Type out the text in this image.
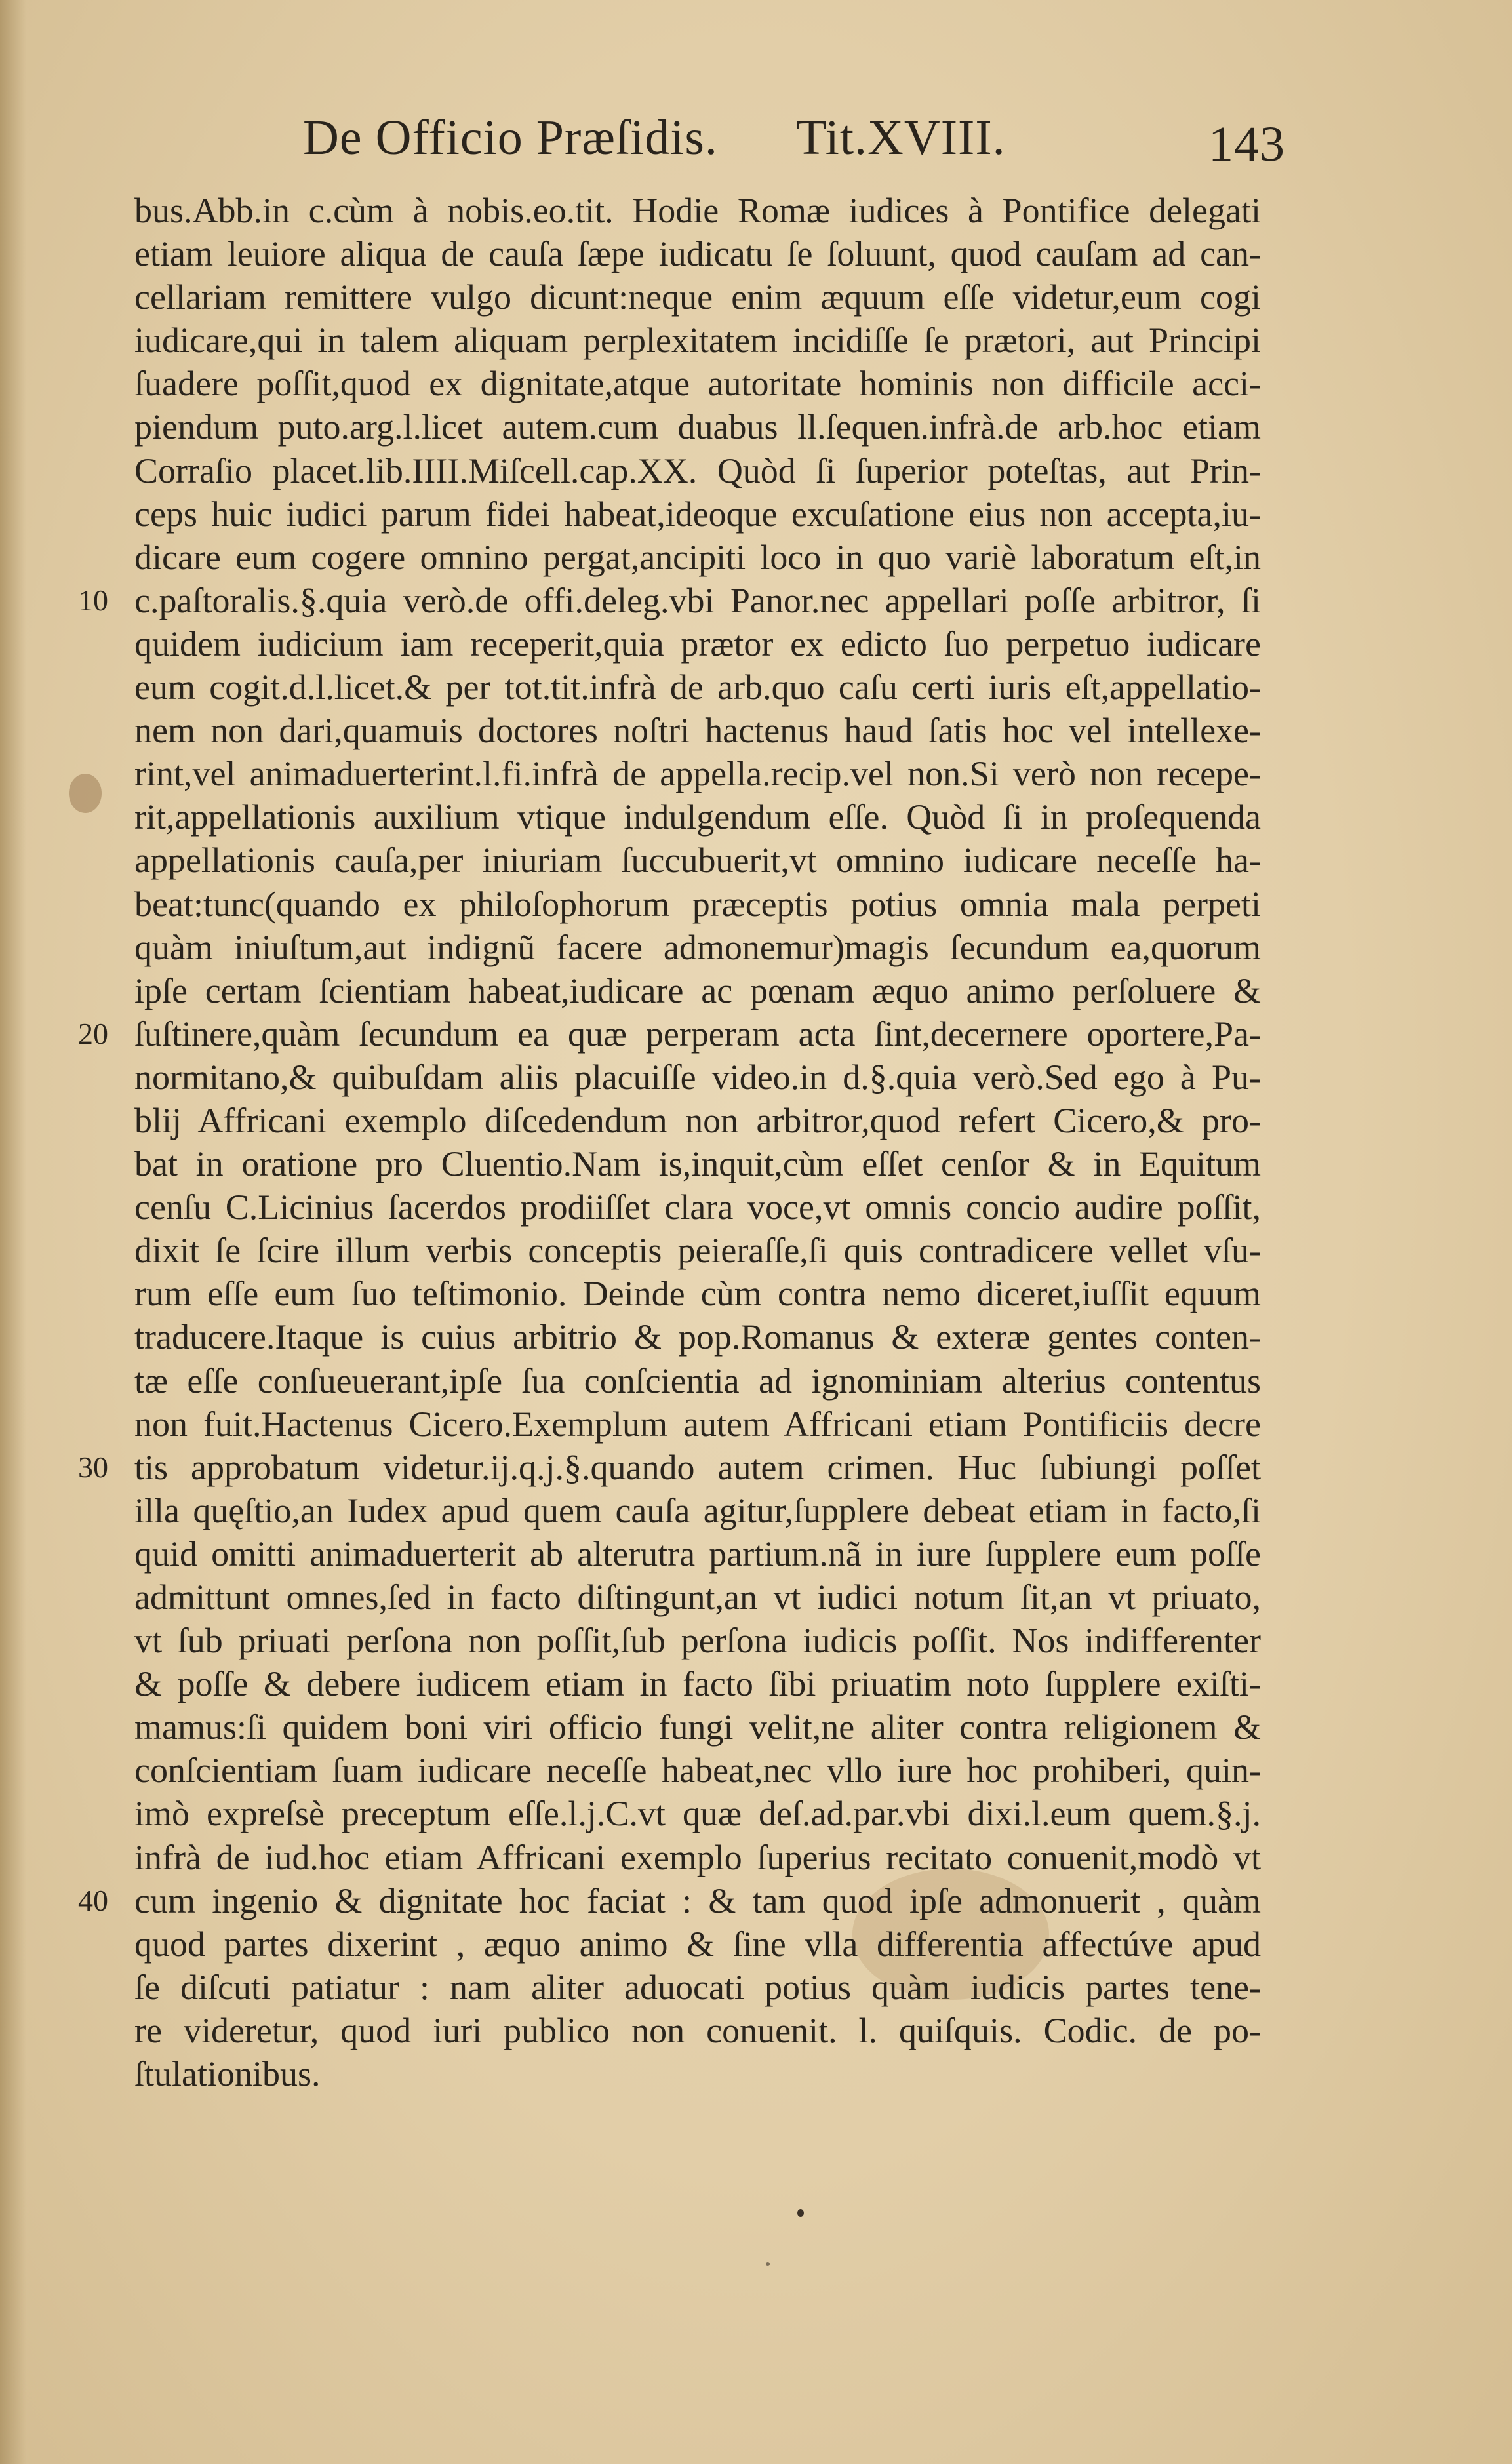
De Officio Præſidis. Tit.XVIII.	143
bus.Abb.in c.cùm à nobis.eo.tit. Hodie Romæ iudices à Pontifice delegati
etiam leuiore aliqua de cauſa ſæpe iudicatu ſe ſoluunt, quod cauſam ad can-
cellariam remittere vulgo dicunt:neque enim æquum eſſe videtur,eum cogi
iudicare,qui in talem aliquam perplexitatem incidiſſe ſe prætori, aut Principi
ſuadere poſſit,quod ex dignitate,atque autoritate hominis non difficile acci-
piendum puto.arg.l.licet autem.cum duabus ll.ſequen.infrà.de arb.hoc etiam
Corraſio placet.lib.IIII.Miſcell.cap.XX. Quòd ſi ſuperior poteſtas, aut Prin-
ceps huic iudici parum fidei habeat,ideoque excuſatione eius non accepta,iu-
dicare eum cogere omnino pergat,ancipiti loco in quo variè laboratum eſt,in
c.paſtoralis.§.quia verò.de offi.deleg.vbi Panor.nec appellari poſſe arbitror, ſi
10
quidem iudicium iam receperit,quia prætor ex edicto ſuo perpetuo iudicare
eum cogit.d.l.licet.& per tot.tit.infrà de arb.quo caſu certi iuris eſt,appellatio-
nem non dari,quamuis doctores noſtri hactenus haud ſatis hoc vel intellexe-
rint,vel animaduerterint.l.fi.infrà de appella.recip.vel non.Si verò non recepe-
rit,appellationis auxilium vtique indulgendum eſſe. Quòd ſi in proſequenda
appellationis cauſa,per iniuriam ſuccubuerit,vt omnino iudicare neceſſe ha-
beat:tunc(quando ex philoſophorum præceptis potius omnia mala perpeti
quàm iniuſtum,aut indignũ facere admonemur)magis ſecundum ea,quorum
ipſe certam ſcientiam habeat,iudicare ac pœnam æquo animo perſoluere &
ſuſtinere,quàm ſecundum ea quæ perperam acta ſint,decernere oportere,Pa-
20
normitano,& quibuſdam aliis placuiſſe video.in d.§.quia verò.Sed ego à Pu-
blij Affricani exemplo diſcedendum non arbitror,quod refert Cicero,& pro-
bat in oratione pro Cluentio.Nam is,inquit,cùm eſſet cenſor & in Equitum
cenſu C.Licinius ſacerdos prodiiſſet clara voce,vt omnis concio audire poſſit,
dixit ſe ſcire illum verbis conceptis peieraſſe,ſi quis contradicere vellet vſu-
rum eſſe eum ſuo teſtimonio. Deinde cùm contra nemo diceret,iuſſit equum
traducere.Itaque is cuius arbitrio & pop.Romanus & exteræ gentes conten-
tæ eſſe conſueuerant,ipſe ſua conſcientia ad ignominiam alterius contentus
non fuit.Hactenus Cicero.Exemplum autem Affricani etiam Pontificiis decre
tis approbatum videtur.ij.q.j.§.quando autem crimen. Huc ſubiungi poſſet
30
illa quęſtio,an Iudex apud quem cauſa agitur,ſupplere debeat etiam in facto,ſi
quid omitti animaduerterit ab alterutra partium.nã in iure ſupplere eum poſſe
admittunt omnes,ſed in facto diſtingunt,an vt iudici notum ſit,an vt priuato,
vt ſub priuati perſona non poſſit,ſub perſona iudicis poſſit. Nos indifferenter
& poſſe & debere iudicem etiam in facto ſibi priuatim noto ſupplere exiſti-
mamus:ſi quidem boni viri officio fungi velit,ne aliter contra religionem &
conſcientiam ſuam iudicare neceſſe habeat,nec vllo iure hoc prohiberi, quin-
imò expreſsè preceptum eſſe.l.j.C.vt quæ deſ.ad.par.vbi dixi.l.eum quem.§.j.
infrà de iud.hoc etiam Affricani exemplo ſuperius recitato conuenit,modò vt
cum ingenio & dignitate hoc faciat : & tam quod ipſe admonuerit , quàm
40
quod partes dixerint , æquo animo & ſine vlla differentia affectúve apud
ſe diſcuti patiatur : nam aliter aduocati potius quàm iudicis partes tene-
re videretur, quod iuri publico non conuenit. l. quiſquis. Codic. de po-
ſtulationibus.
